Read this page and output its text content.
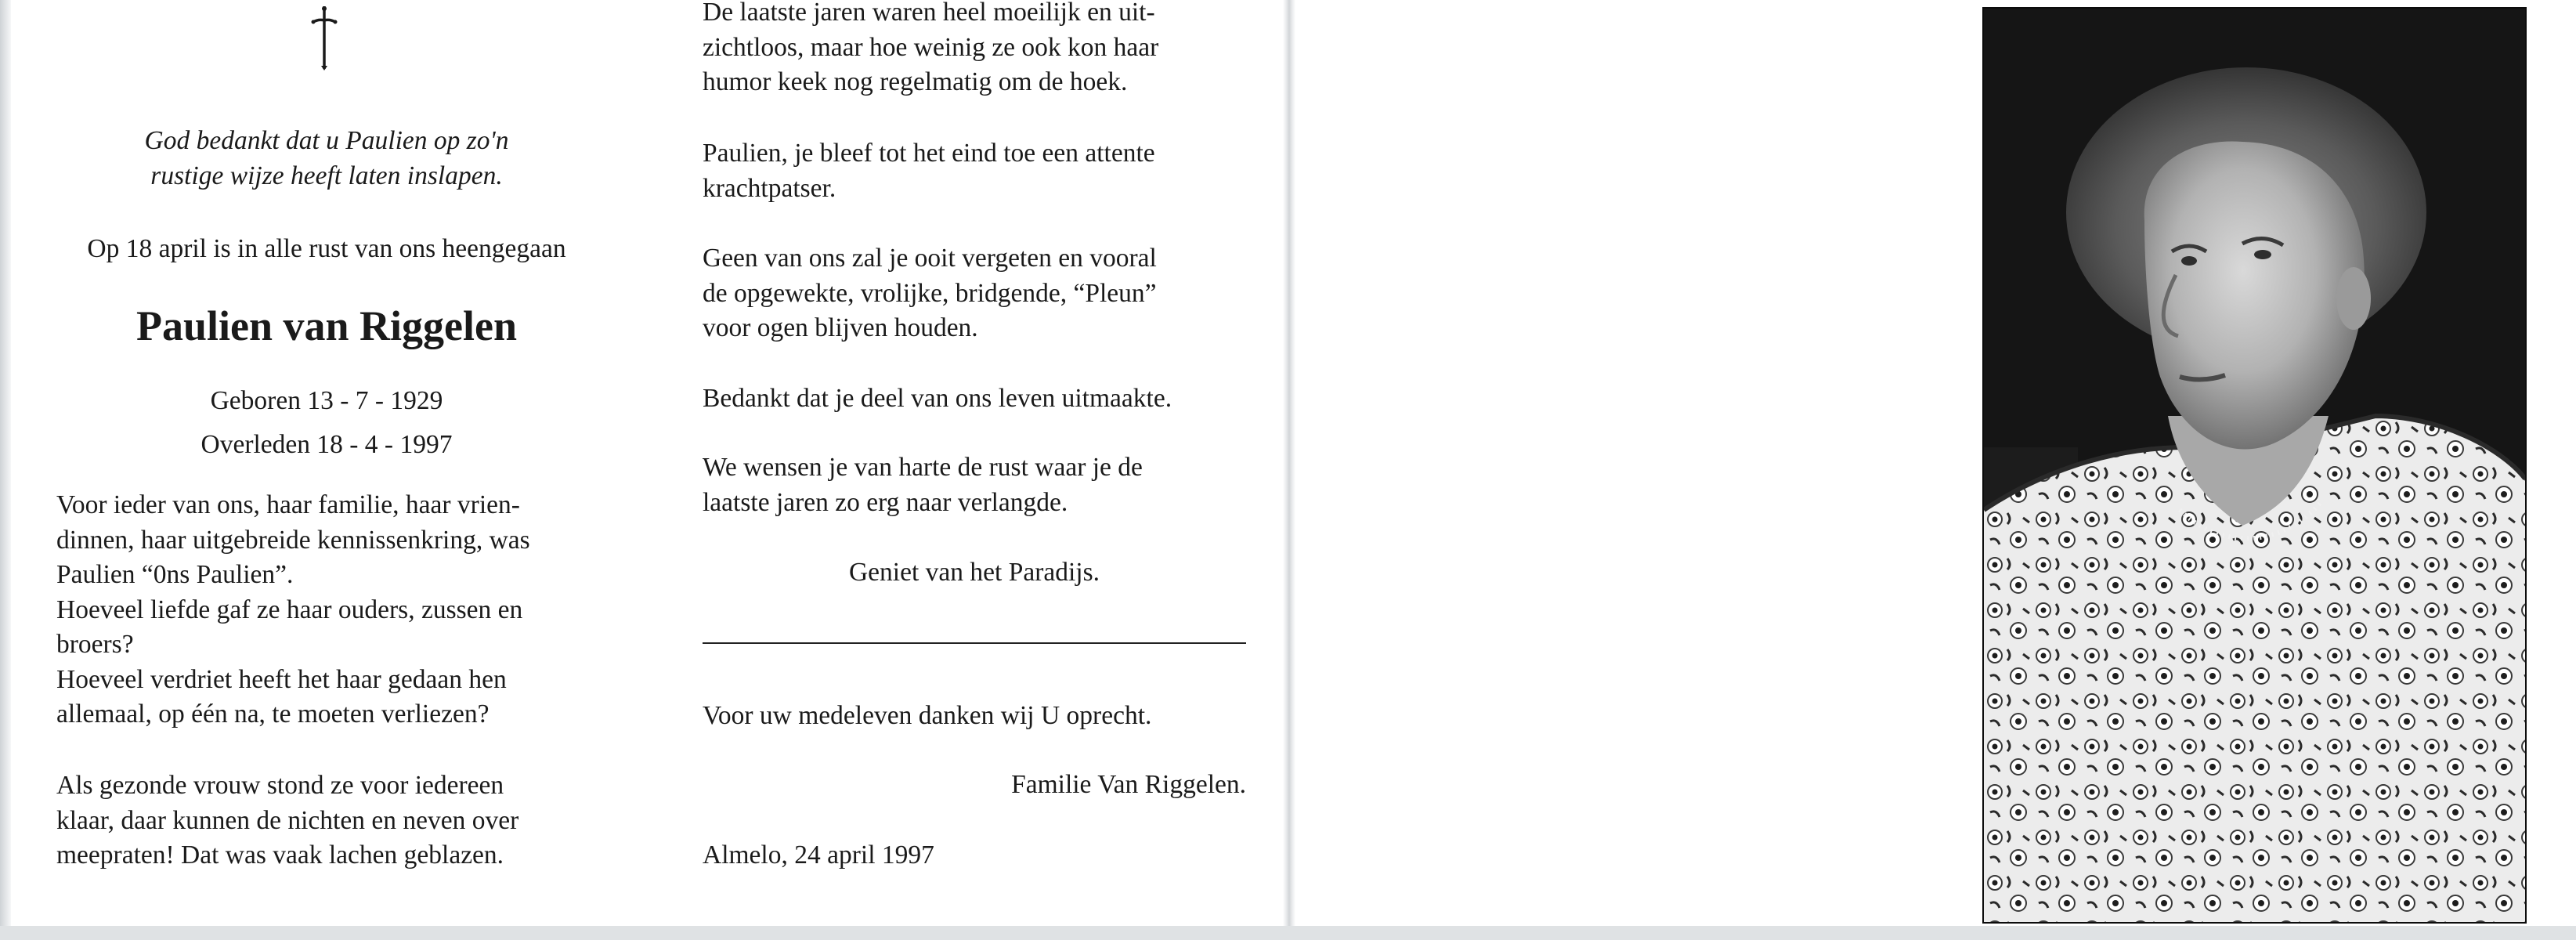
God bedankt dat u Paulien op zo'n
rustige wijze heeft laten inslapen.
Op 18 april is in alle rust van ons heengegaan
Paulien van Riggelen
Geboren 13 - 7 - 1929
Overleden 18 - 4 - 1997
Voor ieder van ons, haar familie, haar vrien-
dinnen, haar uitgebreide kennissenkring, was
Paulien “0ns Paulien”.
Hoeveel liefde gaf ze haar ouders, zussen en
broers?
Hoeveel verdriet heeft het haar gedaan hen
allemaal, op één na, te moeten verliezen?
Als gezonde vrouw stond ze voor iedereen
klaar, daar kunnen de nichten en neven over
meepraten! Dat was vaak lachen geblazen.
De laatste jaren waren heel moeilijk en uit-
zichtloos, maar hoe weinig ze ook kon haar
humor keek nog regelmatig om de hoek.
Paulien, je bleef tot het eind toe een attente
krachtpatser.
Geen van ons zal je ooit vergeten en vooral
de opgewekte, vrolijke, bridgende, “Pleun”
voor ogen blijven houden.
Bedankt dat je deel van ons leven uitmaakte.
We wensen je van harte de rust waar je de
laatste jaren zo erg naar verlangde.
Geniet van het Paradijs.
Voor uw medeleven danken wij U oprecht.
Familie Van Riggelen.
Almelo, 24 april 1997
